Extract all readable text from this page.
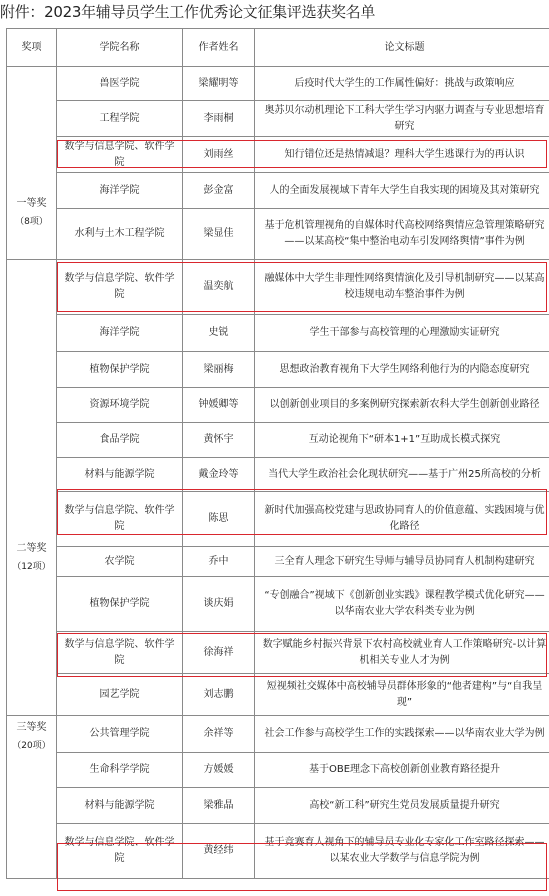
附件：2023年辅导员学生工作优秀论文征集评选获奖名单
奖项	学院名称	作者姓名	论文标题

一等奖
（8项）	兽医学院	梁耀明等	后疫时代大学生的工作属性偏好：挑战与政策响应
	工程学院	李雨桐	奥苏贝尔动机理论下工科大学生学习内驱力调查与专业思想培育研究
	数学与信息学院、软件学院	刘雨丝	知行错位还是热情减退？理科大学生逃课行为的再认识
	海洋学院	彭金富	人的全面发展视域下青年大学生自我实现的困境及其对策研究
	水利与土木工程学院	梁显佳	基于危机管理视角的自媒体时代高校网络舆情应急管理策略研究——以某高校“集中整治电动车引发网络舆情”事件为例

二等奖
（12项）	数学与信息学院、软件学院	温奕航	融媒体中大学生非理性网络舆情演化及引导机制研究——以某高校违规电动车整治事件为例
	海洋学院	史锐	学生干部参与高校管理的心理激励实证研究
	植物保护学院	梁丽梅	思想政治教育视角下大学生网络利他行为的内隐态度研究
	资源环境学院	钟媛卿等	以创新创业项目的多案例研究探索新农科大学生创新创业路径
	食品学院	黄怀宇	互动论视角下“研本1+1”互助成长模式探究
	材料与能源学院	戴金玲等	当代大学生政治社会化现状研究——基于广州25所高校的分析
	数学与信息学院、软件学院	陈思	新时代加强高校党建与思政协同育人的价值意蕴、实践困境与优化路径
	农学院	乔中	三全育人理念下研究生导师与辅导员协同育人机制构建研究
	植物保护学院	谈庆娟	“专创融合”视域下《创新创业实践》课程教学模式优化研究——以华南农业大学农科类专业为例
	数学与信息学院、软件学院	徐海祥	数字赋能乡村振兴背景下农村高校就业育人工作策略研究-以计算机相关专业人才为例
	园艺学院	刘志鹏	短视频社交媒体中高校辅导员群体形象的“他者建构”与“自我呈现”

三等奖
（20项）	公共管理学院	余祥等	社会工作参与高校学生工作的实践探索——以华南农业大学为例
	生命科学学院	方媛媛	基于OBE理念下高校创新创业教育路径提升
	材料与能源学院	梁雅晶	高校“新工科”研究生党员发展质量提升研究
	数学与信息学院、软件学院	黄经纬	基于竞赛育人视角下的辅导员专业化专家化工作室路径探索——以某农业大学数学与信息学院为例
